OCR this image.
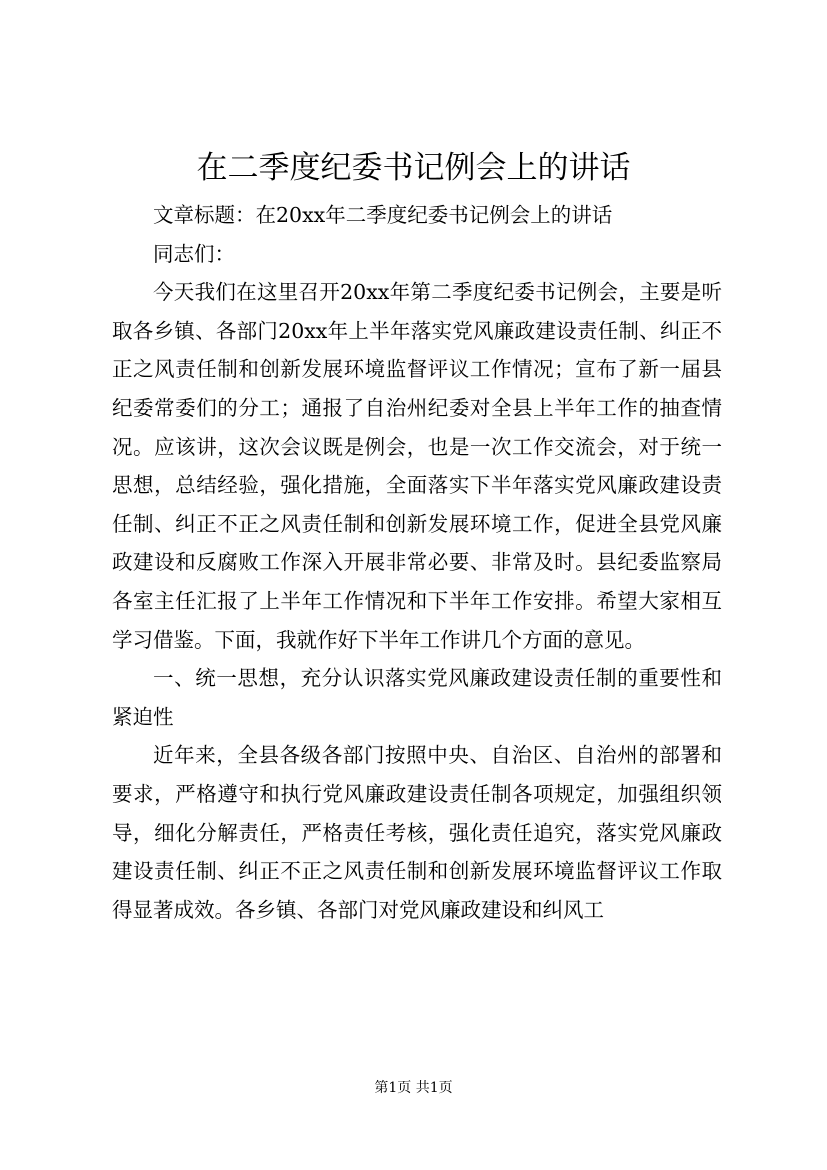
在二季度纪委书记例会上的讲话

文章标题：在20xx年二季度纪委书记例会上的讲话

同志们：

今天我们在这里召开20xx年第二季度纪委书记例会，主要是听取各乡镇、各部门20xx年上半年落实党风廉政建设责任制、纠正不正之风责任制和创新发展环境监督评议工作情况；宣布了新一届县纪委常委们的分工；通报了自治州纪委对全县上半年工作的抽查情况。应该讲，这次会议既是例会，也是一次工作交流会，对于统一思想，总结经验，强化措施，全面落实下半年落实党风廉政建设责任制、纠正不正之风责任制和创新发展环境工作，促进全县党风廉政建设和反腐败工作深入开展非常必要、非常及时。县纪委监察局各室主任汇报了上半年工作情况和下半年工作安排。希望大家相互学习借鉴。下面，我就作好下半年工作讲几个方面的意见。

一、统一思想，充分认识落实党风廉政建设责任制的重要性和紧迫性

近年来，全县各级各部门按照中央、自治区、自治州的部署和要求，严格遵守和执行党风廉政建设责任制各项规定，加强组织领导，细化分解责任，严格责任考核，强化责任追究，落实党风廉政建设责任制、纠正不正之风责任制和创新发展环境监督评议工作取得显著成效。各乡镇、各部门对党风廉政建设和纠风工

第1页 共1页
